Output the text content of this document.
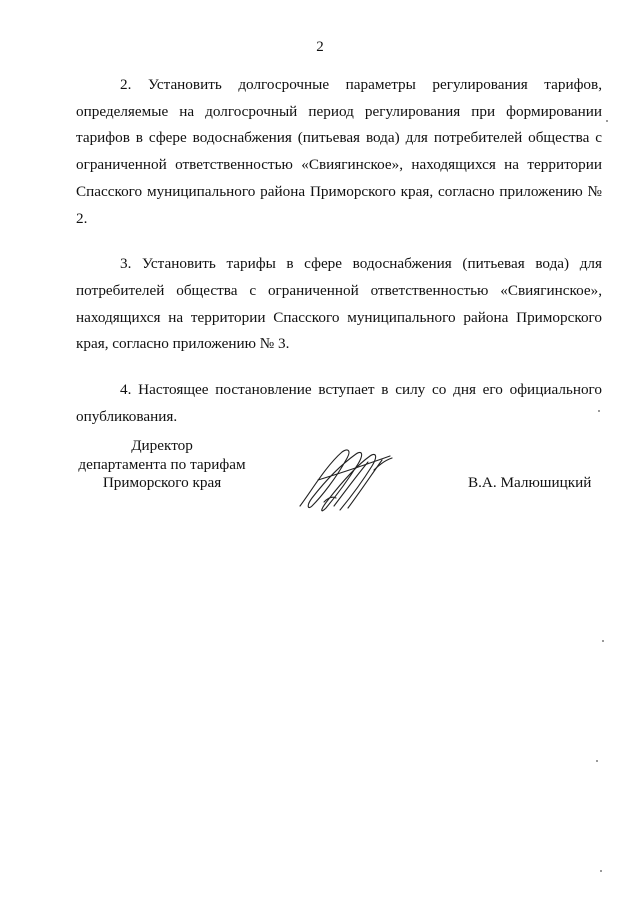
2

2. Установить долгосрочные параметры регулирования тарифов, определяемые на долгосрочный период регулирования при формировании тарифов в сфере водоснабжения (питьевая вода) для потребителей общества с ограниченной ответственностью «Свиягинское», находящихся на территории Спасского муниципального района Приморского края, согласно приложению № 2.

3. Установить тарифы в сфере водоснабжения (питьевая вода) для потребителей общества с ограниченной ответственностью «Свиягинское», находящихся на территории Спасского муниципального района Приморского края, согласно приложению № 3.

4. Настоящее постановление вступает в силу со дня его официального опубликования.

Директор
департамента по тарифам
Приморского края	В.А. Малюшицкий
